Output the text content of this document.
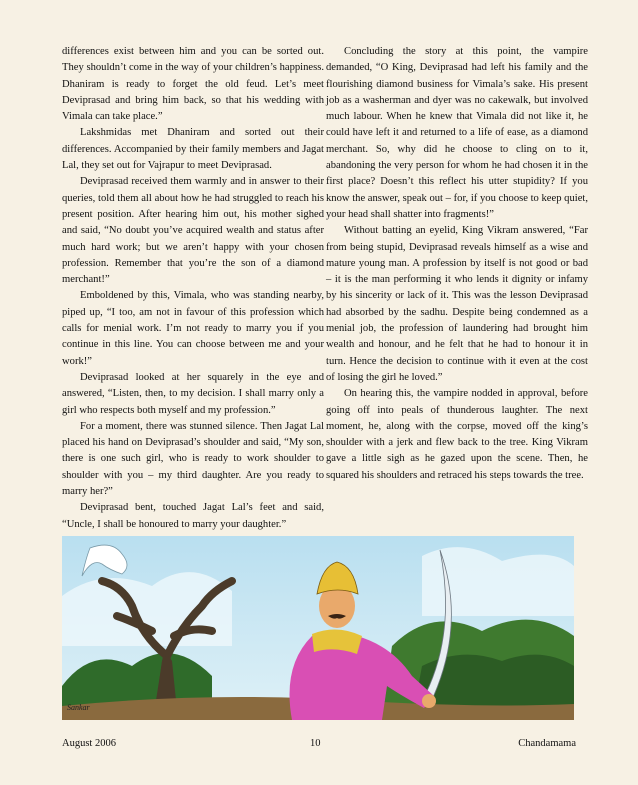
differences exist between him and you can be sorted out. They shouldn’t come in the way of your children’s happiness. Dhaniram is ready to forget the old feud. Let’s meet Deviprasad and bring him back, so that his wedding with Vimala can take place.”

Lakshmidas met Dhaniram and sorted out their differences. Accompanied by their family members and Jagat Lal, they set out for Vajrapur to meet Deviprasad.

Deviprasad received them warmly and in answer to their queries, told them all about how he had struggled to reach his present position. After hearing him out, his mother sighed and said, “No doubt you’ve acquired wealth and status after much hard work; but we aren’t happy with your chosen profession. Remember that you’re the son of a diamond merchant!”

Emboldened by this, Vimala, who was standing nearby, piped up, “I too, am not in favour of this profession which calls for menial work. I’m not ready to marry you if you continue in this line. You can choose between me and your work!”

Deviprasad looked at her squarely in the eye and answered, “Listen, then, to my decision. I shall marry only a girl who respects both myself and my profession.”

For a moment, there was stunned silence. Then Jagat Lal placed his hand on Deviprasad’s shoulder and said, “My son, there is one such girl, who is ready to work shoulder to shoulder with you – my third daughter. Are you ready to marry her?”

Deviprasad bent, touched Jagat Lal’s feet and said, “Uncle, I shall be honoured to marry your daughter.”

Concluding the story at this point, the vampire demanded, “O King, Deviprasad had left his family and the flourishing diamond business for Vimala’s sake. His present job as a washerman and dyer was no cakewalk, but involved much labour. When he knew that Vimala did not like it, he could have left it and returned to a life of ease, as a diamond merchant. So, why did he choose to cling on to it, abandoning the very person for whom he had chosen it in the first place? Doesn’t this reflect his utter stupidity? If you know the answer, speak out – for, if you choose to keep quiet, your head shall shatter into fragments!”

Without batting an eyelid, King Vikram answered, “Far from being stupid, Deviprasad reveals himself as a wise and mature young man. A profession by itself is not good or bad – it is the man performing it who lends it dignity or infamy by his sincerity or lack of it. This was the lesson Deviprasad had absorbed by the sadhu. Despite being condemned as a menial job, the profession of laundering had brought him wealth and honour, and he felt that he had to honour it in turn. Hence the decision to continue with it even at the cost of losing the girl he loved.”

On hearing this, the vampire nodded in approval, before going off into peals of thunderous laughter. The next moment, he, along with the corpse, moved off the king’s shoulder with a jerk and flew back to the tree. King Vikram gave a little sigh as he gazed upon the scene. Then, he squared his shoulders and retraced his steps towards the tree.

Sankar
August 2006	10	Chandamama
